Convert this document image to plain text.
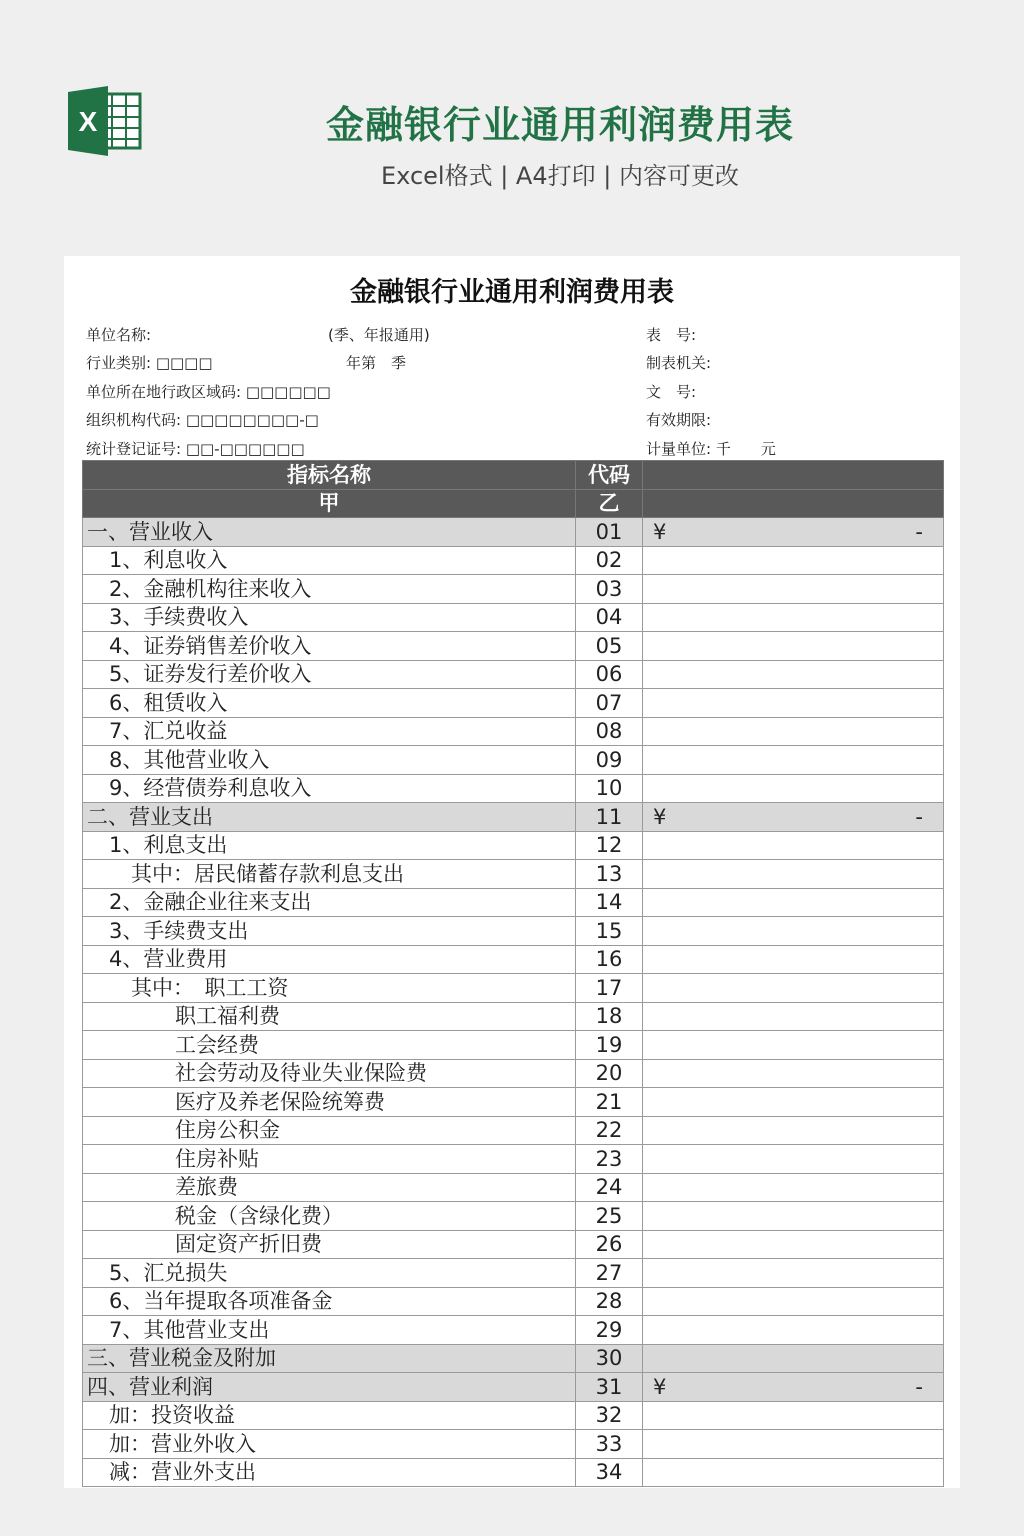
X	金融银行业通用利润费用表
Excel格式 | A4打印 | 内容可更改
金融银行业通用利润费用表
单位名称:
行业类别: □□□□
单位所在地行政区域码: □□□□□□
组织机构代码: □□□□□□□□-□
统计登记证号: □□-□□□□□□
(季、年报通用)
年第　季
表　号:
制表机关:
文　号:
有效期限:
计量单位: 千　　元
指标名称	代码	
甲	乙	
一、营业收入	01	¥ -

1、利息收入	02	
2、金融机构往来收入	03	
3、手续费收入	04	
4、证券销售差价收入	05	
5、证券发行差价收入	06	
6、租赁收入	07	
7、汇兑收益	08	
8、其他营业收入	09	
9、经营债券利息收入	10	
二、营业支出	11	¥ -

1、利息支出	12	
其中：居民储蓄存款利息支出	13	
2、金融企业往来支出	14	
3、手续费支出	15	
4、营业费用	16	
其中：　职工工资	17	
职工福利费	18	
工会经费	19	
社会劳动及待业失业保险费	20	
医疗及养老保险统筹费	21	
住房公积金	22	
住房补贴	23	
差旅费	24	
税金（含绿化费）	25	
固定资产折旧费	26	
5、汇兑损失	27	
6、当年提取各项准备金	28	
7、其他营业支出	29	
三、营业税金及附加	30	
四、营业利润	31	¥ -

加：投资收益	32	
加：营业外收入	33	
减：营业外支出	34	
